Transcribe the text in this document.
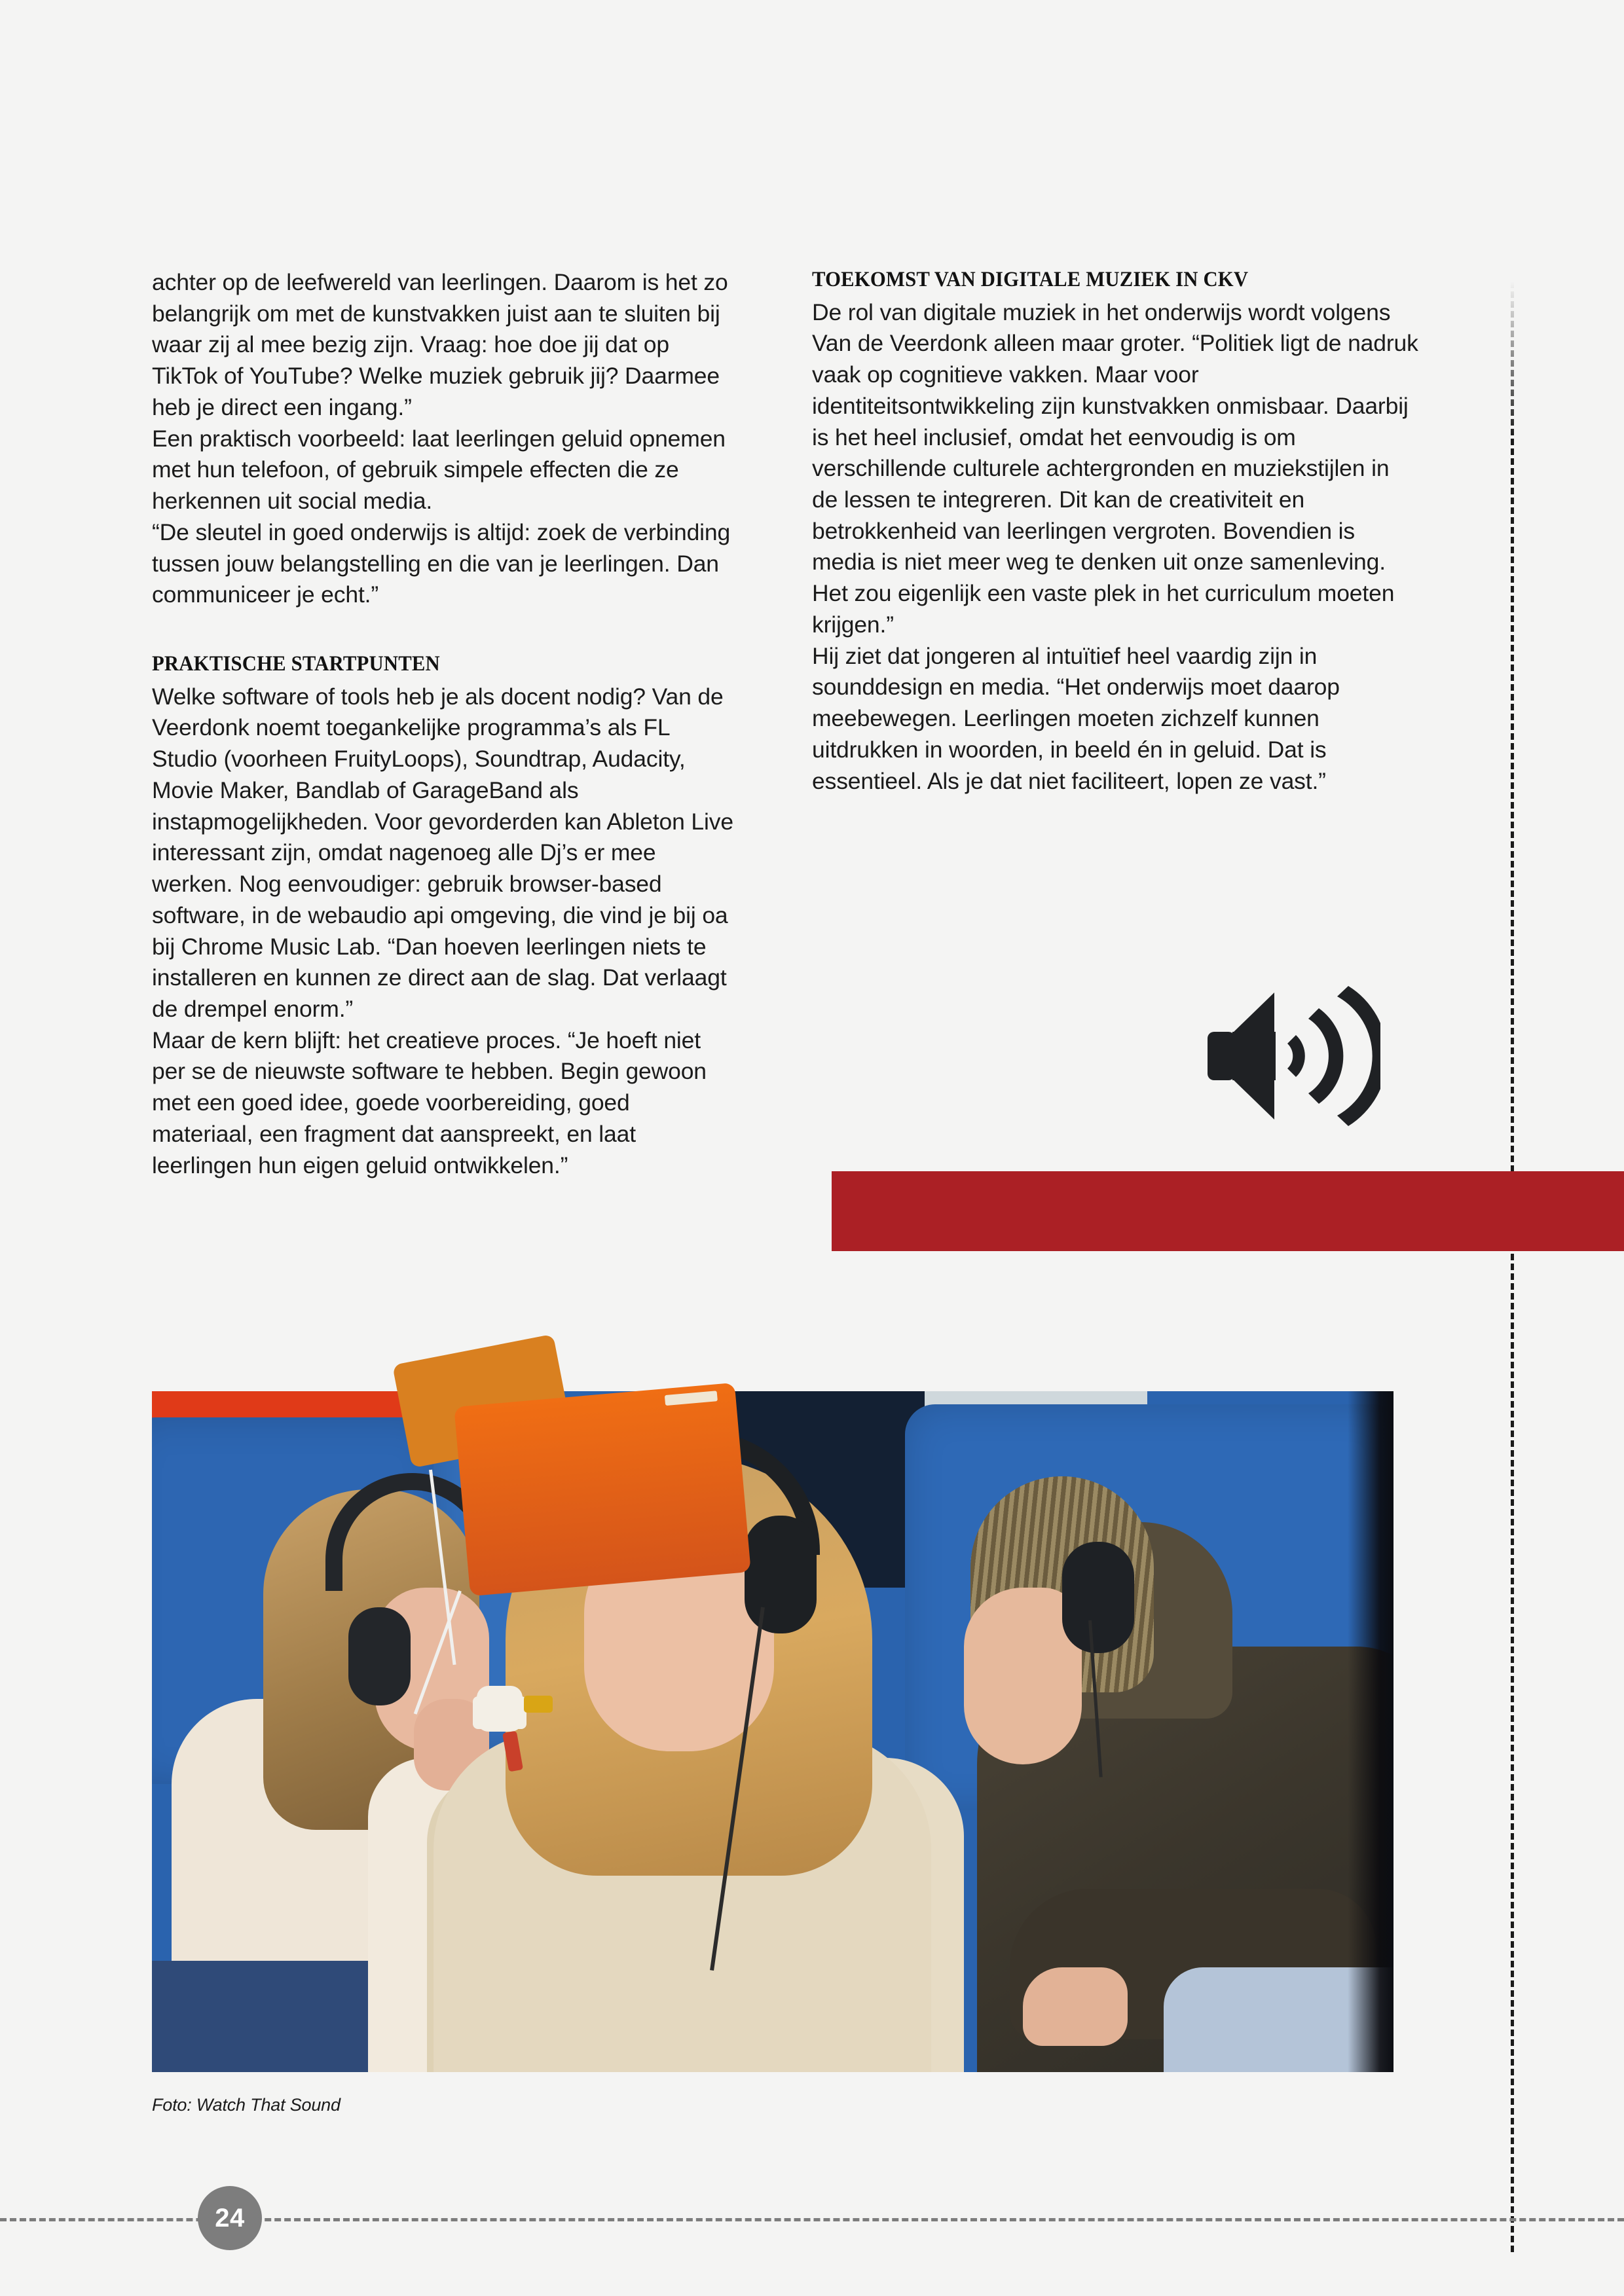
achter op de leefwereld van leerlingen. Daarom is het zo belangrijk om met de kunstvakken juist aan te sluiten bij waar zij al mee bezig zijn. Vraag: hoe doe jij dat op TikTok of YouTube? Welke muziek gebruik jij? Daarmee heb je direct een ingang.”

Een praktisch voorbeeld: laat leerlingen geluid opnemen met hun telefoon, of gebruik simpele effecten die ze herkennen uit social media.

“De sleutel in goed onderwijs is altijd: zoek de verbinding tussen jouw belangstelling en die van je leerlingen. Dan communiceer je echt.”

PRAKTISCHE STARTPUNTEN

Welke software of tools heb je als docent nodig? Van de Veerdonk noemt toegankelijke programma’s als FL Studio (voorheen FruityLoops), Soundtrap, Audacity, Movie Maker, Bandlab of GarageBand als instapmogelijkheden. Voor gevorderden kan Ableton Live interessant zijn, omdat nagenoeg alle Dj’s er mee werken. Nog eenvoudiger: gebruik browser-based software, in de webaudio api omgeving, die vind je bij oa bij Chrome Music Lab. “Dan hoeven leerlingen niets te installeren en kunnen ze direct aan de slag. Dat verlaagt de drempel enorm.”

Maar de kern blijft: het creatieve proces. “Je hoeft niet per se de nieuwste software te hebben. Begin gewoon met een goed idee, goede voorbereiding, goed materiaal, een fragment dat aanspreekt, en laat leerlingen hun eigen geluid ontwikkelen.”

TOEKOMST VAN DIGITALE MUZIEK IN CKV

De rol van digitale muziek in het onderwijs wordt volgens Van de Veerdonk alleen maar groter. “Politiek ligt de nadruk vaak op cognitieve vakken. Maar voor identiteitsontwikkeling zijn kunstvakken onmisbaar. Daarbij is het heel inclusief, omdat het eenvoudig is om verschillende culturele achtergronden en muziekstijlen in de lessen te integreren. Dit kan de creativiteit en betrokkenheid van leerlingen vergroten. Bovendien is media is niet meer weg te denken uit onze samenleving. Het zou eigenlijk een vaste plek in het curriculum moeten krijgen.”

Hij ziet dat jongeren al intuïtief heel vaardig zijn in sounddesign en media. “Het onderwijs moet daarop meebewegen. Leerlingen moeten zichzelf kunnen uitdrukken in woorden, in beeld én in geluid. Dat is essentieel. Als je dat niet faciliteert, lopen ze vast.”

Foto: Watch That Sound
24
